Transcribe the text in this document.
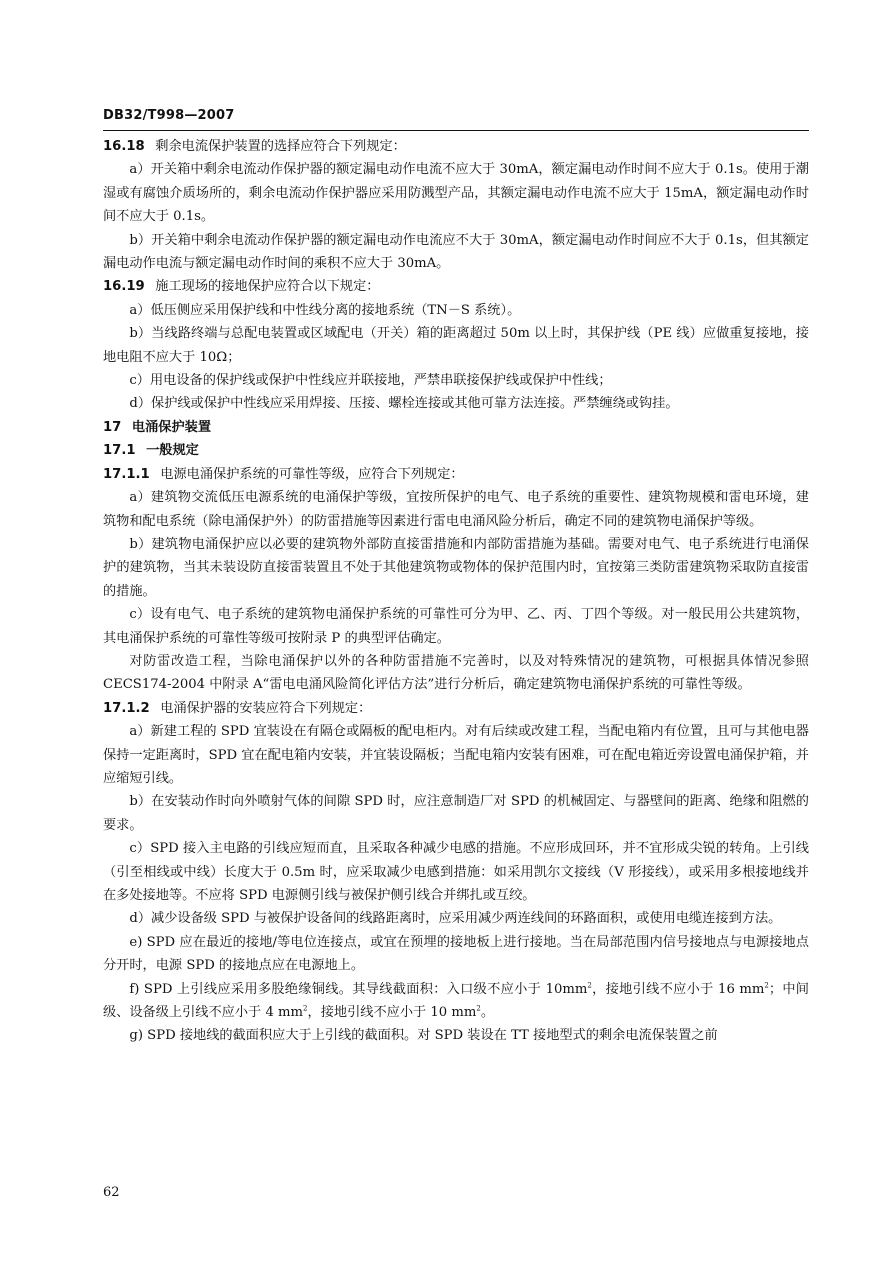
DB32/T998—2007

16.18 剩余电流保护装置的选择应符合下列规定：

a）开关箱中剩余电流动作保护器的额定漏电动作电流不应大于 30mA，额定漏电动作时间不应大于 0.1s。使用于潮湿或有腐蚀介质场所的，剩余电流动作保护器应采用防溅型产品，其额定漏电动作电流不应大于 15mA，额定漏电动作时间不应大于 0.1s。

b）开关箱中剩余电流动作保护器的额定漏电动作电流应不大于 30mA，额定漏电动作时间应不大于 0.1s，但其额定漏电动作电流与额定漏电动作时间的乘积不应大于 30mA。

16.19 施工现场的接地保护应符合以下规定：

a）低压侧应采用保护线和中性线分离的接地系统（TN－S 系统）。

b）当线路终端与总配电装置或区域配电（开关）箱的距离超过 50m 以上时，其保护线（PE 线）应做重复接地，接地电阻不应大于 10Ω；

c）用电设备的保护线或保护中性线应并联接地，严禁串联接保护线或保护中性线；

d）保护线或保护中性线应采用焊接、压接、螺栓连接或其他可靠方法连接。严禁缠绕或钩挂。

17 电涌保护装置

17.1 一般规定

17.1.1 电源电涌保护系统的可靠性等级，应符合下列规定：

a）建筑物交流低压电源系统的电涌保护等级，宜按所保护的电气、电子系统的重要性、建筑物规模和雷电环境，建筑物和配电系统（除电涌保护外）的防雷措施等因素进行雷电电涌风险分析后，确定不同的建筑物电涌保护等级。

b）建筑物电涌保护应以必要的建筑物外部防直接雷措施和内部防雷措施为基础。需要对电气、电子系统进行电涌保护的建筑物，当其未装设防直接雷装置且不处于其他建筑物或物体的保护范围内时，宜按第三类防雷建筑物采取防直接雷的措施。

c）设有电气、电子系统的建筑物电涌保护系统的可靠性可分为甲、乙、丙、丁四个等级。对一般民用公共建筑物，其电涌保护系统的可靠性等级可按附录 P 的典型评估确定。

对防雷改造工程，当除电涌保护以外的各种防雷措施不完善时，以及对特殊情况的建筑物，可根据具体情况参照 CECS174-2004 中附录 A“雷电电涌风险简化评估方法”进行分析后，确定建筑物电涌保护系统的可靠性等级。

17.1.2 电涌保护器的安装应符合下列规定：

a）新建工程的 SPD 宜装设在有隔仓或隔板的配电柜内。对有后续或改建工程，当配电箱内有位置，且可与其他电器保持一定距离时，SPD 宜在配电箱内安装，并宜装设隔板；当配电箱内安装有困难，可在配电箱近旁设置电涌保护箱，并应缩短引线。

b）在安装动作时向外喷射气体的间隙 SPD 时，应注意制造厂对 SPD 的机械固定、与器壁间的距离、绝缘和阻燃的要求。

c）SPD 接入主电路的引线应短而直，且采取各种减少电感的措施。不应形成回环，并不宜形成尖锐的转角。上引线（引至相线或中线）长度大于 0.5m 时，应采取减少电感到措施：如采用凯尔文接线（V 形接线），或采用多根接地线并在多处接地等。不应将 SPD 电源侧引线与被保护侧引线合并绑扎或互绞。

d）减少设备级 SPD 与被保护设备间的线路距离时，应采用减少两连线间的环路面积，或使用电缆连接到方法。

e) SPD 应在最近的接地/等电位连接点，或宜在预埋的接地板上进行接地。当在局部范围内信号接地点与电源接地点分开时，电源 SPD 的接地点应在电源地上。

f) SPD 上引线应采用多股绝缘铜线。其导线截面积：入口级不应小于 $10mm^2$，接地引线不应小于 16 $mm^2$；中间级、设备级上引线不应小于 4 $mm^2$，接地引线不应小于 10 $mm^2$。

g) SPD 接地线的截面积应大于上引线的截面积。对 SPD 装设在 TT 接地型式的剩余电流保装置之前

62
